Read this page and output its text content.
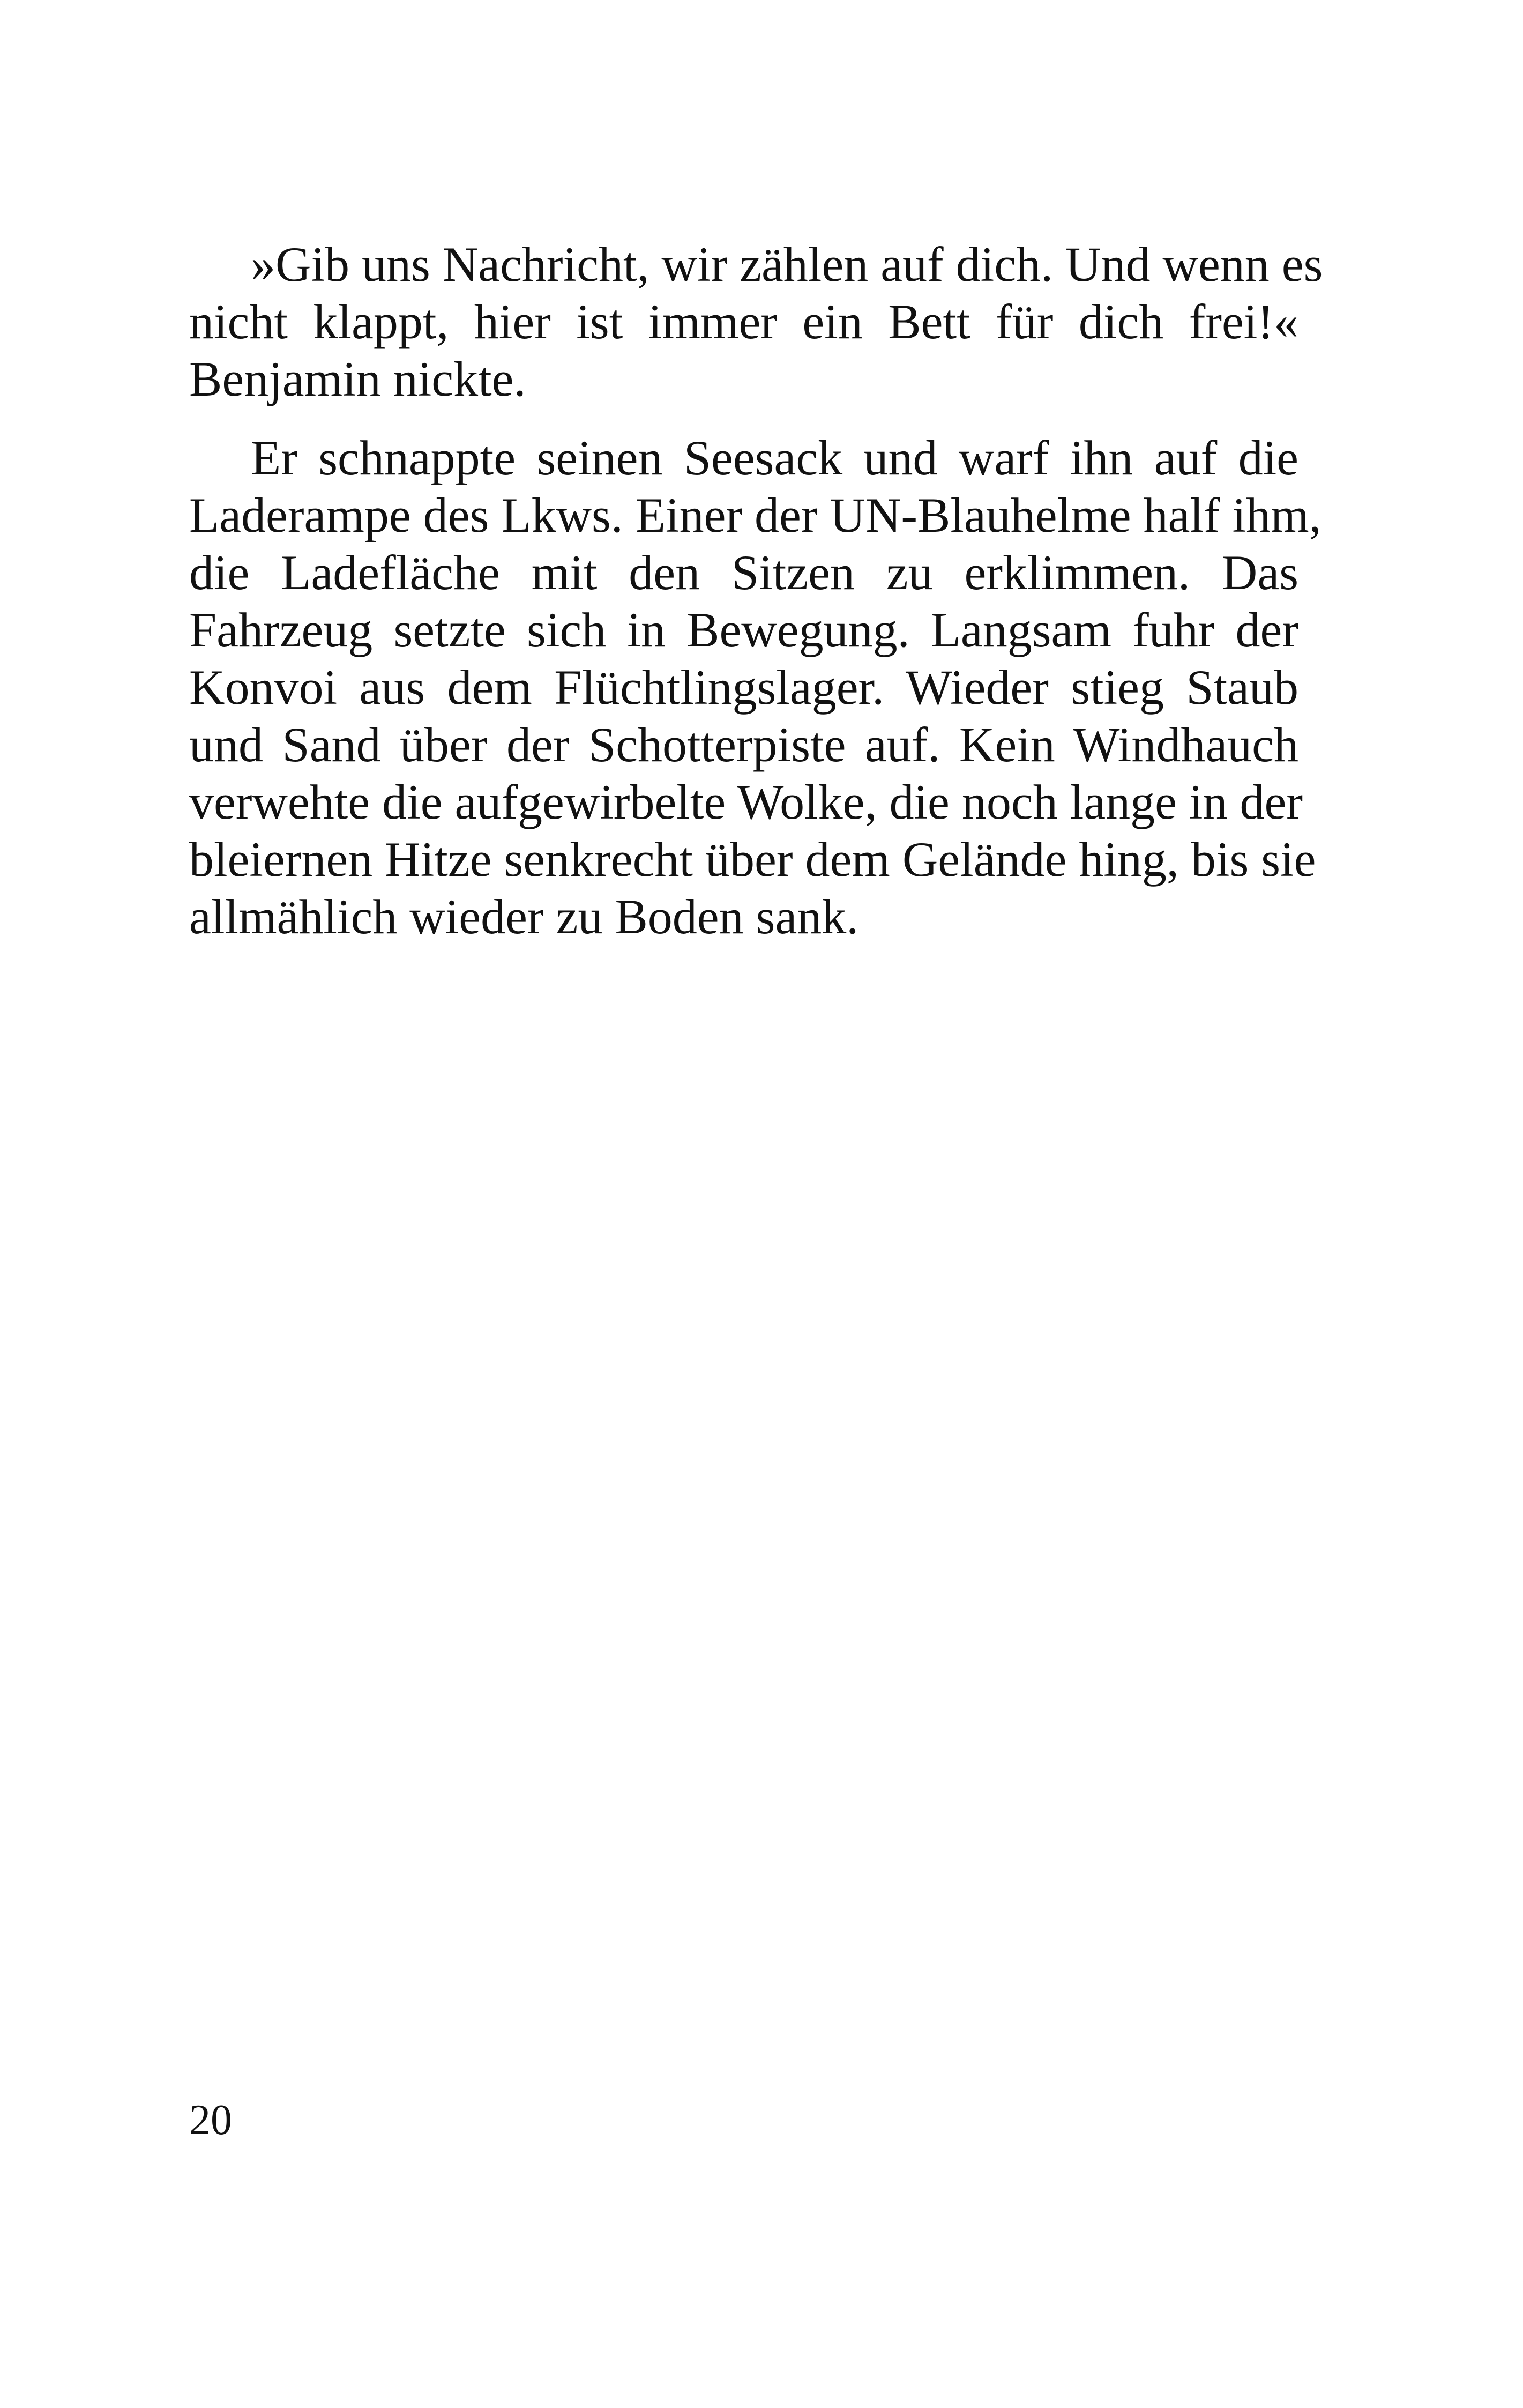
»Gib uns Nachricht, wir zählen auf dich. Und wenn es
nicht klappt, hier ist immer ein Bett für dich frei!«
Benjamin nickte.
Er schnappte seinen Seesack und warf ihn auf die
Laderampe des Lkws. Einer der UN-Blauhelme half ihm,
die Ladefläche mit den Sitzen zu erklimmen. Das
Fahrzeug setzte sich in Bewegung. Langsam fuhr der
Konvoi aus dem Flüchtlingslager. Wieder stieg Staub
und Sand über der Schotterpiste auf. Kein Windhauch
verwehte die aufgewirbelte Wolke, die noch lange in der
bleiernen Hitze senkrecht über dem Gelände hing, bis sie
allmählich wieder zu Boden sank.
20
